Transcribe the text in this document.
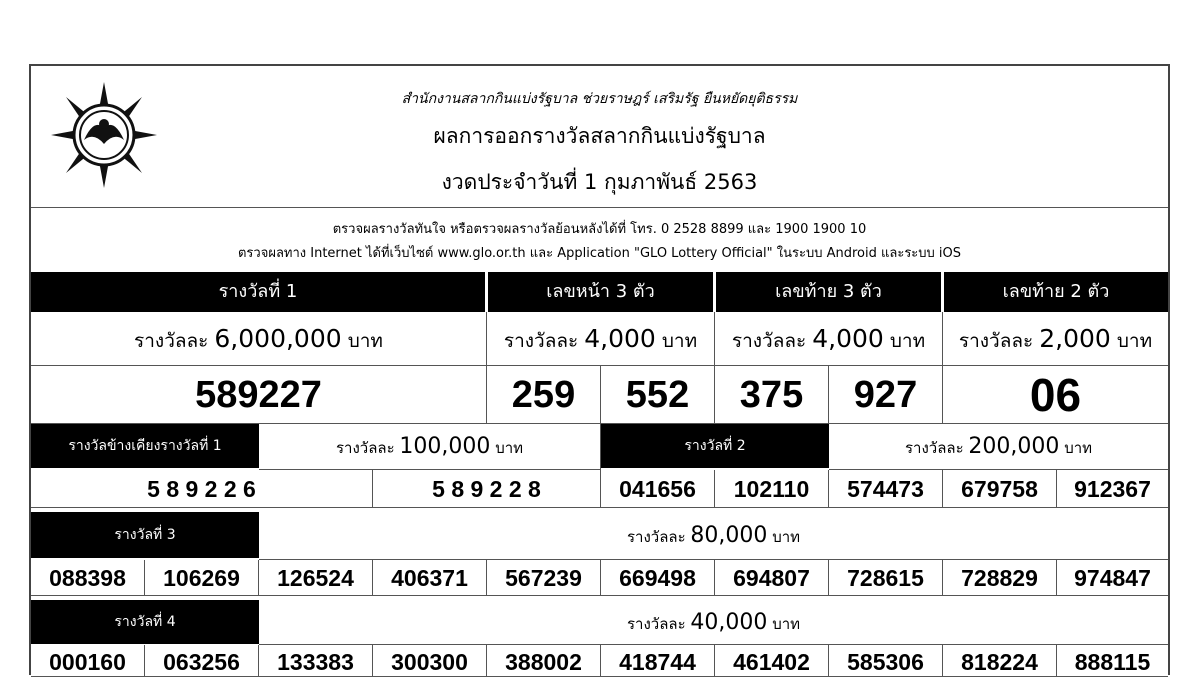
สำนักงานสลากกินแบ่งรัฐบาล ช่วยราษฎร์ เสริมรัฐ ยืนหยัดยุติธรรม
ผลการออกรางวัลสลากกินแบ่งรัฐบาล
งวดประจำวันที่ 1 กุมภาพันธ์ 2563
ตรวจผลรางวัลทันใจ หรือตรวจผลรางวัลย้อนหลังได้ที่ โทร. 0 2528 8899 และ 1900 1900 10
ตรวจผลทาง Internet ได้ที่เว็บไซต์ www.glo.or.th และ Application "GLO Lottery Official" ในระบบ Android และระบบ iOS
รางวัลที่ 1	เลขหน้า 3 ตัว	เลขท้าย 3 ตัว	เลขท้าย 2 ตัว
รางวัลละ 6,000,000 บาท	รางวัลละ 4,000 บาท	รางวัลละ 4,000 บาท	รางวัลละ 2,000 บาท
589227	259	552	375	927	06
รางวัลข้างเคียงรางวัลที่ 1	รางวัลละ 100,000 บาท	รางวัลที่ 2	รางวัลละ 200,000 บาท
5 8 9 2 2 6	5 8 9 2 2 8	041656	102110	574473	679758	912367
รางวัลที่ 3	รางวัลละ 80,000 บาท
088398	106269	126524	406371	567239	669498	694807	728615	728829	974847
รางวัลที่ 4	รางวัลละ 40,000 บาท
000160	063256	133383	300300	388002	418744	461402	585306	818224	888115
